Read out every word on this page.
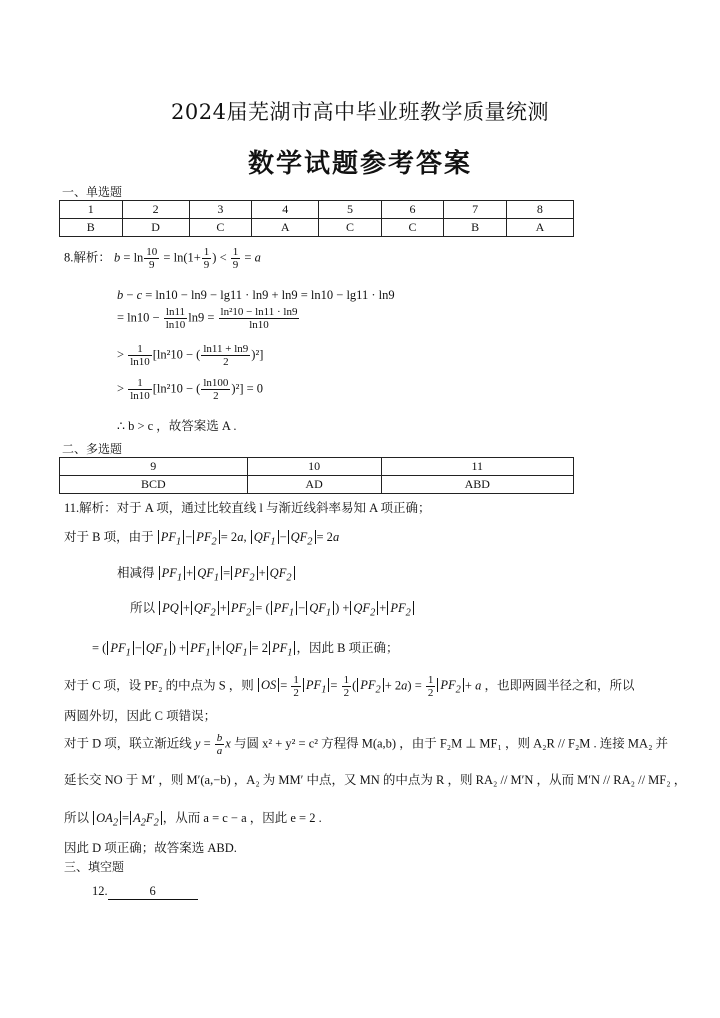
2024届芜湖市高中毕业班教学质量统测
数学试题参考答案
一、单选题
1	2	3	4	5	6	7	8
B	D	C	A	C	C	B	A
8.解析： $b = \ln \frac{10}{9} = \ln(1+ \frac{1}{9}$ ) < $\frac{1}{9} = a$
b − c = ln10 − ln9 − lg11 · ln9 + ln9 = ln10 − lg11 · ln9
= $\ln 10 - \frac{\ln 11}{\ln 10} \ln 9 = \frac{\text{ln²10 − ln11 · ln9}}{\ln 10}$
> $\frac{1}{\ln 10} [\ln^210$ − ( $\frac{\ln 11 + \ln 9}{2} )^2$]
> $\frac{1}{\ln 10} [\ln^210$ − ( $\frac{\ln 100}{2} )^2] = 0$
∴ b > c ，故答案选 A .
二、多选题
9	10	11
BCD	AD	ABD
11.解析：对于 A 项，通过比较直线 l 与渐近线斜率易知 A 项正确；
对于 B 项，由于 $PF_1 - PF_2 = 2a$, $QF_1 - QF_2 = 2a$
相减得 $PF_1 + QF_1 = PF_2 + QF_2$
所以 PQ + $QF_2 + PF_2$ = ( $PF_1 - QF_1$ ) + $QF_2 + PF_2$
= ( $PF_1 - QF_1$ ) + $PF_1 + QF_1 = 2$ $PF_1$ ，因此 B 项正确；
对于 C 项，设 PF₂ 的中点为 S ，则 OS = $\frac{1}{2} PF_1 = \frac{1}{2}$ ( $PF_2 + 2a) = \frac{1}{2} PF_2 + a$ ，也即两圆半径之和，所以
两圆外切，因此 C 项错误；
对于 D 项，联立渐近线 $y = \frac{b}{a}$ x 与圆 x² + y² = c² 方程得 M(a,b) ，由于 F₂M ⊥ MF₁ ，则 A₂R // F₂M . 连接 MA₂ 并
延长交 NO 于 M′ ，则 M′(a,−b) ，A₂ 为 MM′ 中点，又 MN 的中点为 R ，则 RA₂ // M′N ，从而 M′N // RA₂ // MF₂ ，
所以 $OA_2 = A_2F_2$ ，从而 a = c − a ，因此 e = 2 .
因此 D 项正确；故答案选 ABD.
三、填空题
12.	6
